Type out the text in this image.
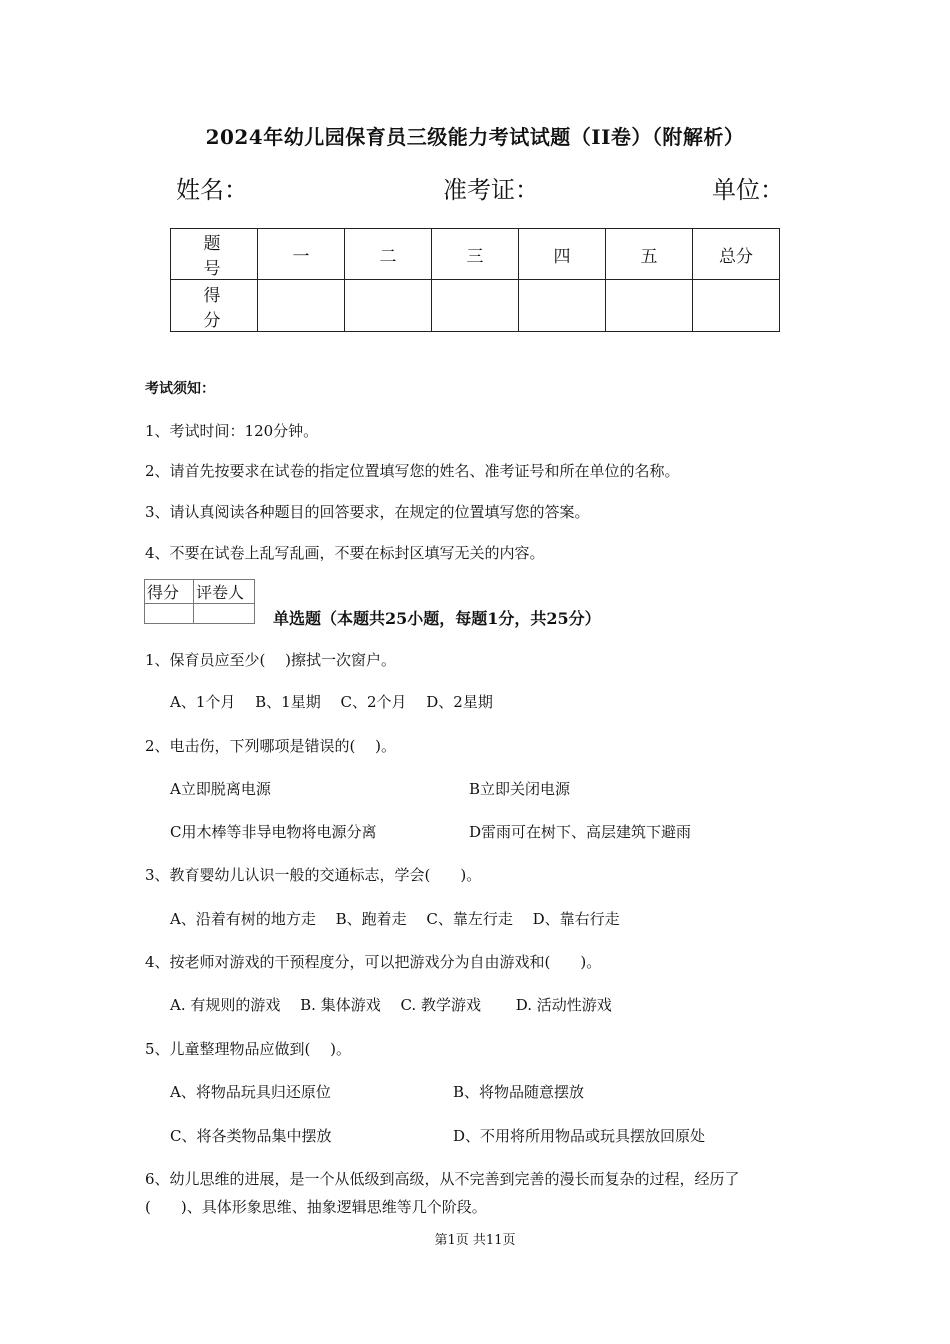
2024年幼儿园保育员三级能力考试试题（II卷）（附解析）
姓名：	准考证：	单位：
题　号	一	二	三	四	五	总分
得　分						
考试须知：
1、考试时间：120分钟。
2、请首先按要求在试卷的指定位置填写您的姓名、准考证号和所在单位的名称。
3、请认真阅读各种题目的回答要求，在规定的位置填写您的答案。
4、不要在试卷上乱写乱画，不要在标封区填写无关的内容。
得分	评卷人

单选题（本题共25小题，每题1分，共25分）
1、保育员应至少(　 )擦拭一次窗户。
A、1个月　 B、1星期　 C、2个月　 D、2星期
2、电击伤，下列哪项是错误的(　 )。
A立即脱离电源	B立即关闭电源
C用木棒等非导电物将电源分离	D雷雨可在树下、高层建筑下避雨
3、教育婴幼儿认识一般的交通标志，学会(　　)。
A、沿着有树的地方走　 B、跑着走　 C、靠左行走　 D、靠右行走
4、按老师对游戏的干预程度分，可以把游戏分为自由游戏和(　　)。
A. 有规则的游戏　 B. 集体游戏　 C. 教学游戏　　 D. 活动性游戏
5、儿童整理物品应做到(　 )。
A、将物品玩具归还原位	B、将物品随意摆放
C、将各类物品集中摆放	D、不用将所用物品或玩具摆放回原处
6、幼儿思维的进展，是一个从低级到高级，从不完善到完善的漫长而复杂的过程，经历了
(　　)、具体形象思维、抽象逻辑思维等几个阶段。
第1页 共11页
